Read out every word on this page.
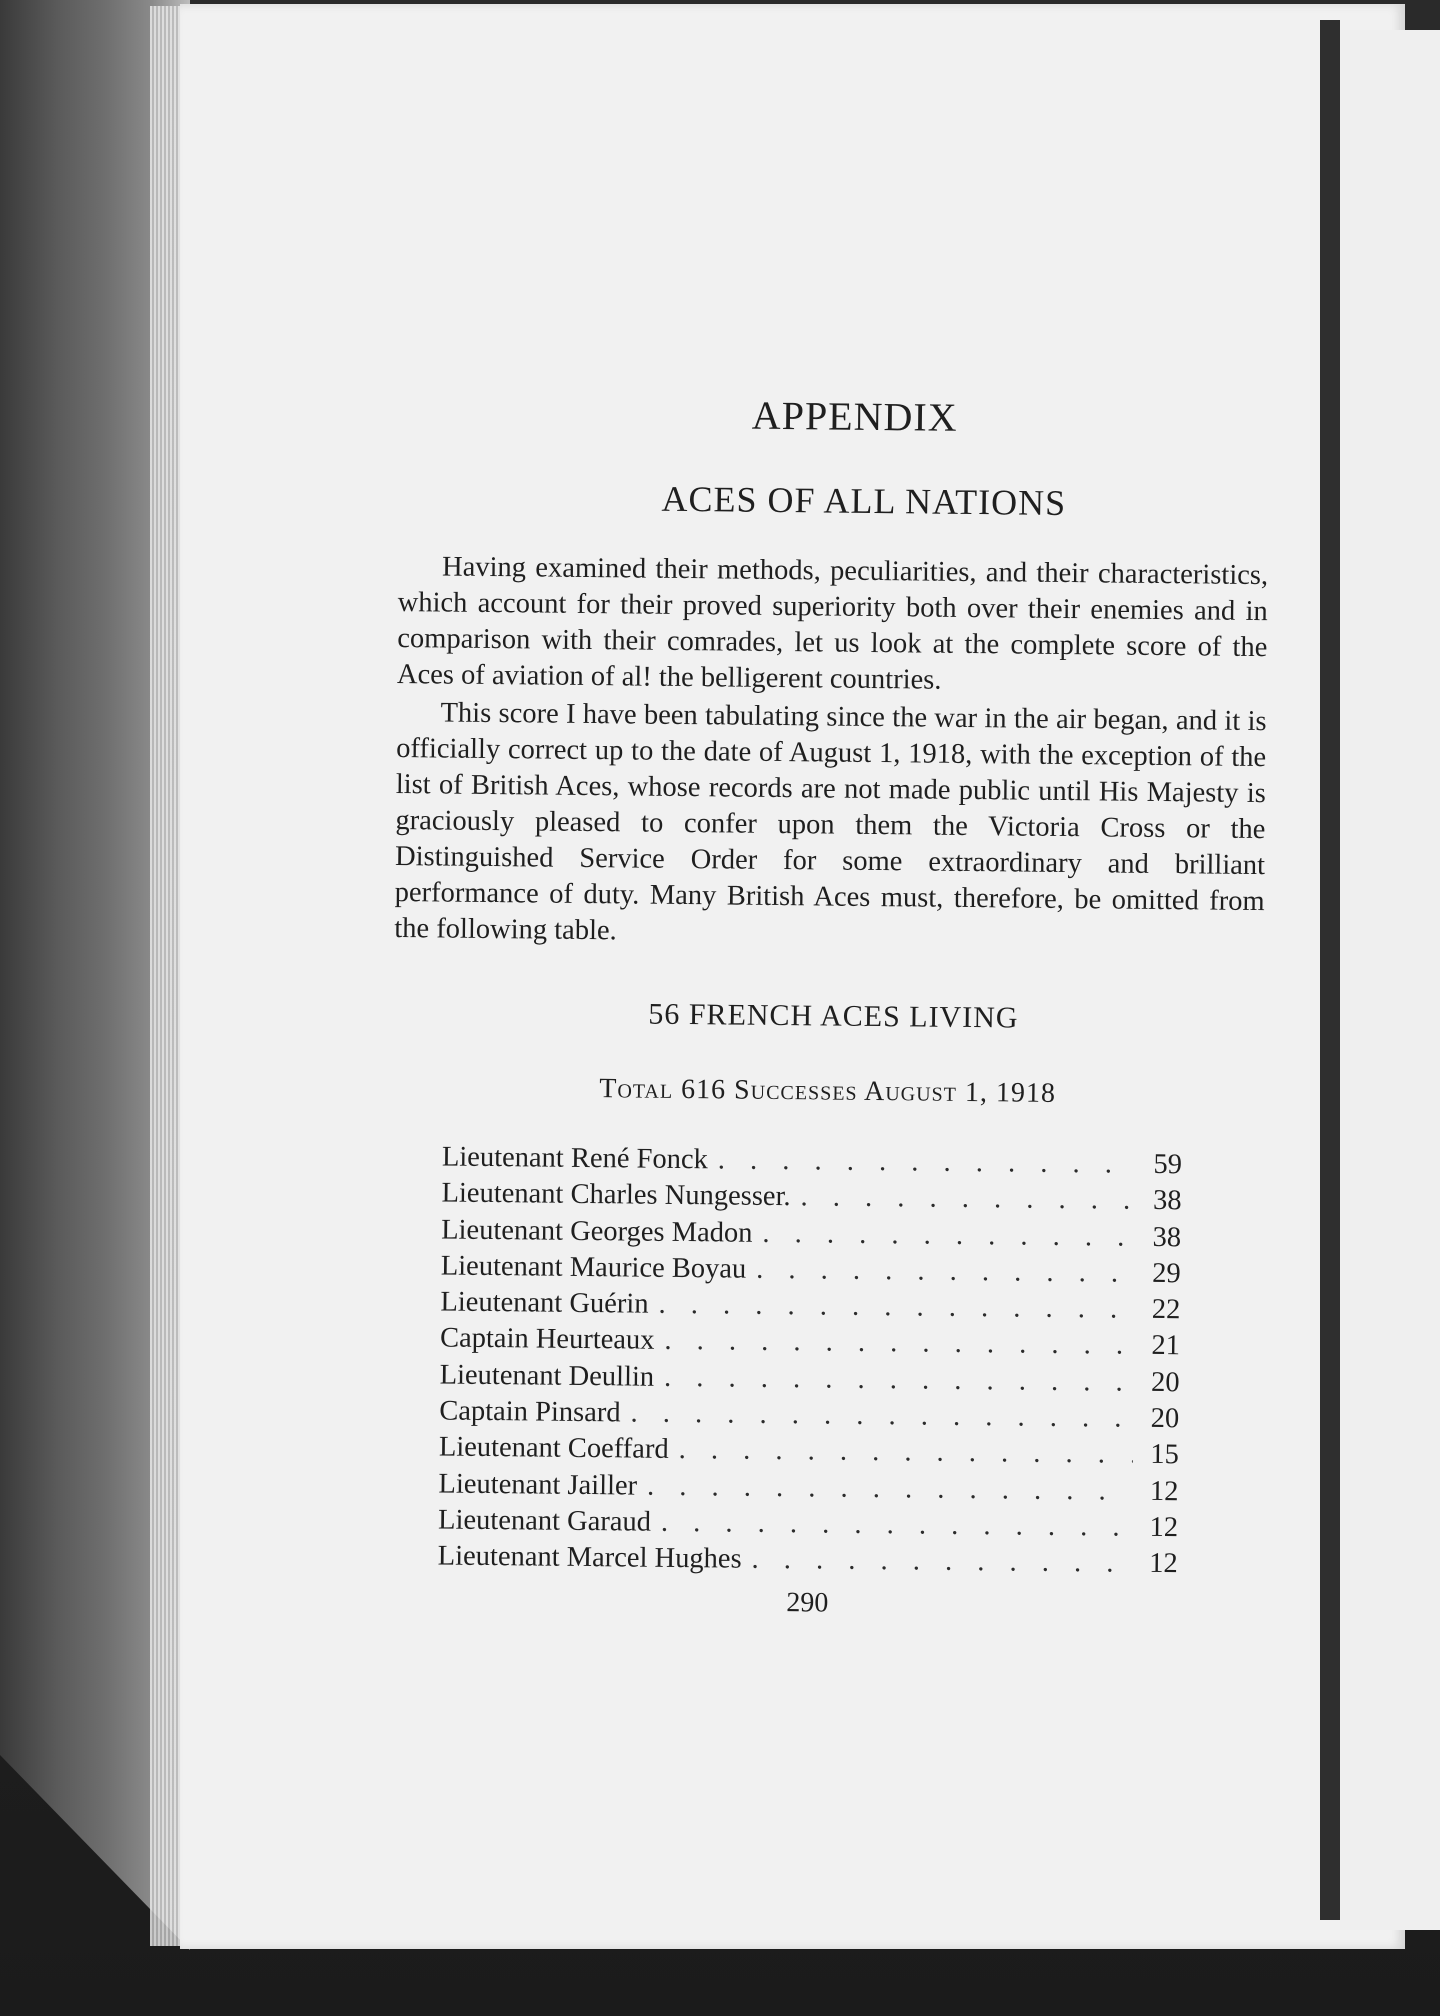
APPENDIX
ACES OF ALL NATIONS

Having examined their methods, peculiarities, and their characteristics, which account for their proved superiority both over their enemies and in comparison with their comrades, let us look at the complete score of the Aces of aviation of al! the belligerent countries.

This score I have been tabulating since the war in the air began, and it is officially correct up to the date of August 1, 1918, with the exception of the list of British Aces, whose records are not made public until His Majesty is graciously pleased to confer upon them the Victoria Cross or the Distinguished Service Order for some extraordinary and brilliant performance of duty. Many British Aces must, therefore, be omitted from the following table.

56 FRENCH ACES LIVING
Total 616 Successes August 1, 1918
Lieutenant René Fonck . . .	59
Lieutenant Charles Nungesser. . . .	38
Lieutenant Georges Madon . . .	38
Lieutenant Maurice Boyau . . .	29
Lieutenant Guérin . . .	22
Captain Heurteaux . . .	21
Lieutenant Deullin . . .	20
Captain Pinsard . . .	20
Lieutenant Coeffard . . .	15
Lieutenant Jailler . . .	12
Lieutenant Garaud . . .	12
Lieutenant Marcel Hughes . . .	12
290
